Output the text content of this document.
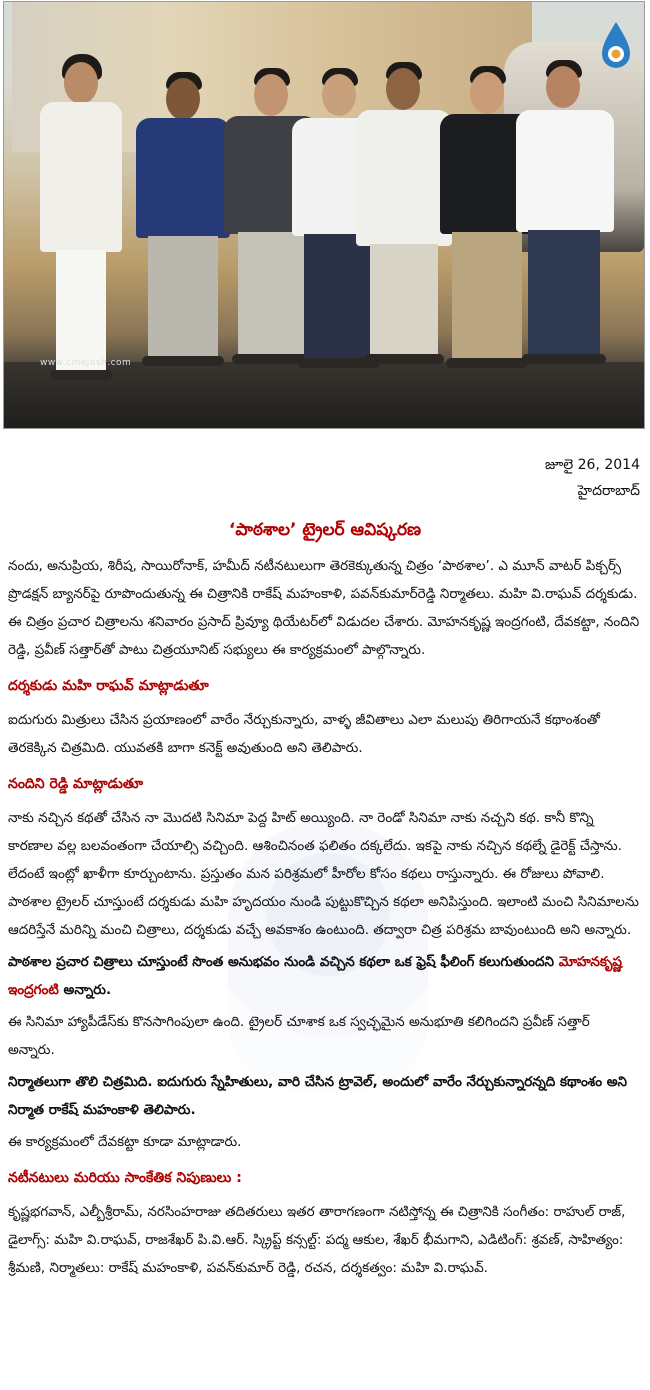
www.cinejosh.com
జూలై 26, 2014
హైదరాబాద్
‘పాఠశాల’ ట్రైలర్ ఆవిష్కరణ

నందు, అనుప్రియ, శిరీష, సాయిరోనాక్, హమీద్ నటీనటులుగా తెరకెక్కుతున్న చిత్రం ‘పాఠశాల’. ఎ మూన్ వాటర్ పిక్చర్స్ ప్రొడక్షన్ బ్యానర్‌పై రూపొందుతున్న ఈ చిత్రానికి రాకేష్ మహంకాళి, పవన్‌కుమార్‌రెడ్డి నిర్మాతలు. మహి వి.రాఘవ్ దర్శకుడు. ఈ చిత్రం ప్రచార చిత్రాలను శనివారం ప్రసాద్ ప్రివ్యూ థియేటర్‌లో విడుదల చేశారు. మోహనకృష్ణ ఇంద్రగంటి, దేవకట్టా, నందిని రెడ్డి, ప్రవీణ్ సత్తార్‌తో పాటు చిత్రయూనిట్ సభ్యులు ఈ కార్యక్రమంలో పాల్గొన్నారు.

దర్శకుడు మహి రాఘవ్ మాట్లాడుతూ

ఐదుగురు మిత్రులు చేసిన ప్రయాణంలో వారేం నేర్చుకున్నారు, వాళ్ళ జీవితాలు ఎలా మలుపు తిరిగాయనే కథాంశంతో తెరకెక్కిన చిత్రమిది. యువతకి బాగా కనెక్ట్ అవుతుంది అని తెలిపారు.

నందిని రెడ్డి మాట్లాడుతూ

నాకు నచ్చిన కథతో చేసిన నా మొదటి సినిమా పెద్ద హిట్ అయ్యింది. నా రెండో సినిమా నాకు నచ్చని కథ. కానీ కొన్ని కారణాల వల్ల బలవంతంగా చేయాల్సి వచ్చింది. ఆశించినంత ఫలితం దక్కలేదు. ఇకపై నాకు నచ్చిన కథల్నే డైరెక్ట్ చేస్తాను. లేదంటే ఇంట్లో ఖాళీగా కూర్చుంటాను. ప్రస్తుతం మన పరిశ్రమలో హీరోల కోసం కథలు రాస్తున్నారు. ఈ రోజులు పోవాలి. పాఠశాల ట్రైలర్ చూస్తుంటే దర్శకుడు మహి హృదయం నుండి పుట్టుకొచ్చిన కథలా అనిపిస్తుంది. ఇలాంటి మంచి సినిమాలను ఆదరిస్తేనే మరిన్ని మంచి చిత్రాలు, దర్శకుడు వచ్చే అవకాశం ఉంటుంది. తద్వారా చిత్ర పరిశ్రమ బావుంటుంది అని అన్నారు.

పాఠశాల ప్రచార చిత్రాలు చూస్తుంటే సొంత అనుభవం నుండి వచ్చిన కథలా ఒక ఫ్రెష్ ఫీలింగ్ కలుగుతుందని మోహనకృష్ణ ఇంద్రగంటి అన్నారు.

ఈ సినిమా హ్యాపీడేస్‌కు కొనసాగింపులా ఉంది. ట్రైలర్ చూశాక ఒక స్వచ్ఛమైన అనుభూతి కలిగిందని ప్రవీణ్ సత్తార్ అన్నారు.

నిర్మాతలుగా తొలి చిత్రమిది. ఐదుగురు స్నేహితులు, వారి చేసిన ట్రావెల్, అందులో వారేం నేర్చుకున్నారన్నది కథాంశం అని నిర్మాత రాకేష్ మహంకాళి తెలిపారు.

ఈ కార్యక్రమంలో దేవకట్టా కూడా మాట్లాడారు.

నటీనటులు మరియు సాంకేతిక నిపుణులు :

కృష్ణభగవాన్, ఎల్బీశ్రీరామ్, నరసింహరాజు తదితరులు ఇతర తారాగణంగా నటిస్తోన్న ఈ చిత్రానికి సంగీతం: రాహుల్ రాజ్, డైలాగ్స్: మహి వి.రాఘవ్, రాజశేఖర్ పి.వి.ఆర్. స్క్రిప్ట్ కన్సల్ట్: పద్మ ఆకుల, శేఖర్ భీమగాని, ఎడిటింగ్: శ్రవణ్, సాహిత్యం: శ్రీమణి, నిర్మాతలు: రాకేష్ మహంకాళి, పవన్‌కుమార్ రెడ్డి, రచన, దర్శకత్వం: మహి వి.రాఘవ్.
